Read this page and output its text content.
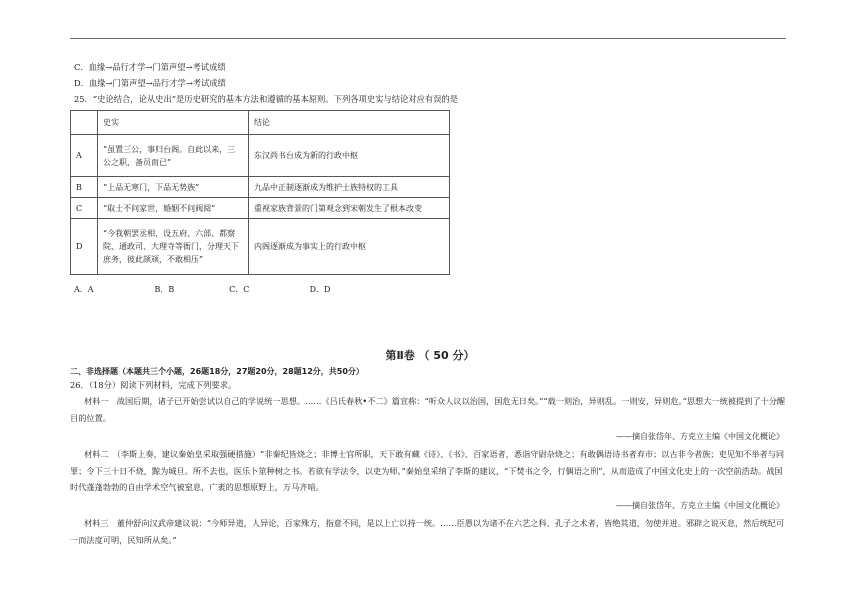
C．血缘→品行才学→门第声望→考试成绩
D．血缘→门第声望→品行才学→考试成绩
25．“史论结合，论从史出”是历史研究的基本方法和遵循的基本原则。下列各项史实与结论对应有误的是
	史实	结论
A	“虽置三公，事归台阁。自此以来，三公之职，备员而已”	东汉尚书台成为新的行政中枢
B	“上品无寒门，下品无势族”	九品中正制逐渐成为维护士族特权的工具
C	“取士不问家世，婚姻不问阀阅”	重视家族背景的门第观念到宋朝发生了根本改变
D	“今我朝罢丞相，设五府、六部、都察院、通政司、大理寺等衙门，分理天下庶务，彼此颉颃，不敢相压”	内阁逐渐成为事实上的行政中枢
A．A	B．B	C．C	D．D
第Ⅱ卷 （ 50 分）
二、非选择题（本题共三个小题，26题18分，27题20分，28题12分，共50分）
26．（18分）阅读下列材料，完成下列要求。
材料一　战国后期，诸子已开始尝试以自己的学说统一思想。……《吕氏春秋•不二》篇宣称：“听众人议以治国，国危无日矣。”“载一则治，异则乱。一则安，异则危。”思想大一统被提到了十分醒目的位置。
——摘自张岱年、方克立主编《中国文化概论》
材料二　（李斯上奏，建议秦始皇采取强硬措施）“非秦纪皆烧之；非博士官所职，天下敢有藏《诗》、《书》、百家语者，悉诣守尉杂烧之；有敢偶语诗书者弃市；以古非今者族；吏见知不举者与同罪；令下三十日不烧，黥为城旦。所不去也，医乐卜筮种树之书。若欲有学法令，以吏为师。”秦始皇采纳了李斯的建议，“下焚书之令，行偶语之刑”，从而造成了中国文化史上的一次空前浩劫。战国时代蓬蓬勃勃的自由学术空气被窒息，广袤的思想原野上，万马齐喑。
——摘自张岱年、方克立主编《中国文化概论》
材料三　董仲舒向汉武帝建议说：“今师异道，人异论，百家殊方，指意不同，是以上亡以持一统。……臣愚以为诸不在六艺之科、孔子之术者，皆绝其道，勿使并进。邪辟之说灭息，然后统纪可一而法度可明，民知所从矣。”
